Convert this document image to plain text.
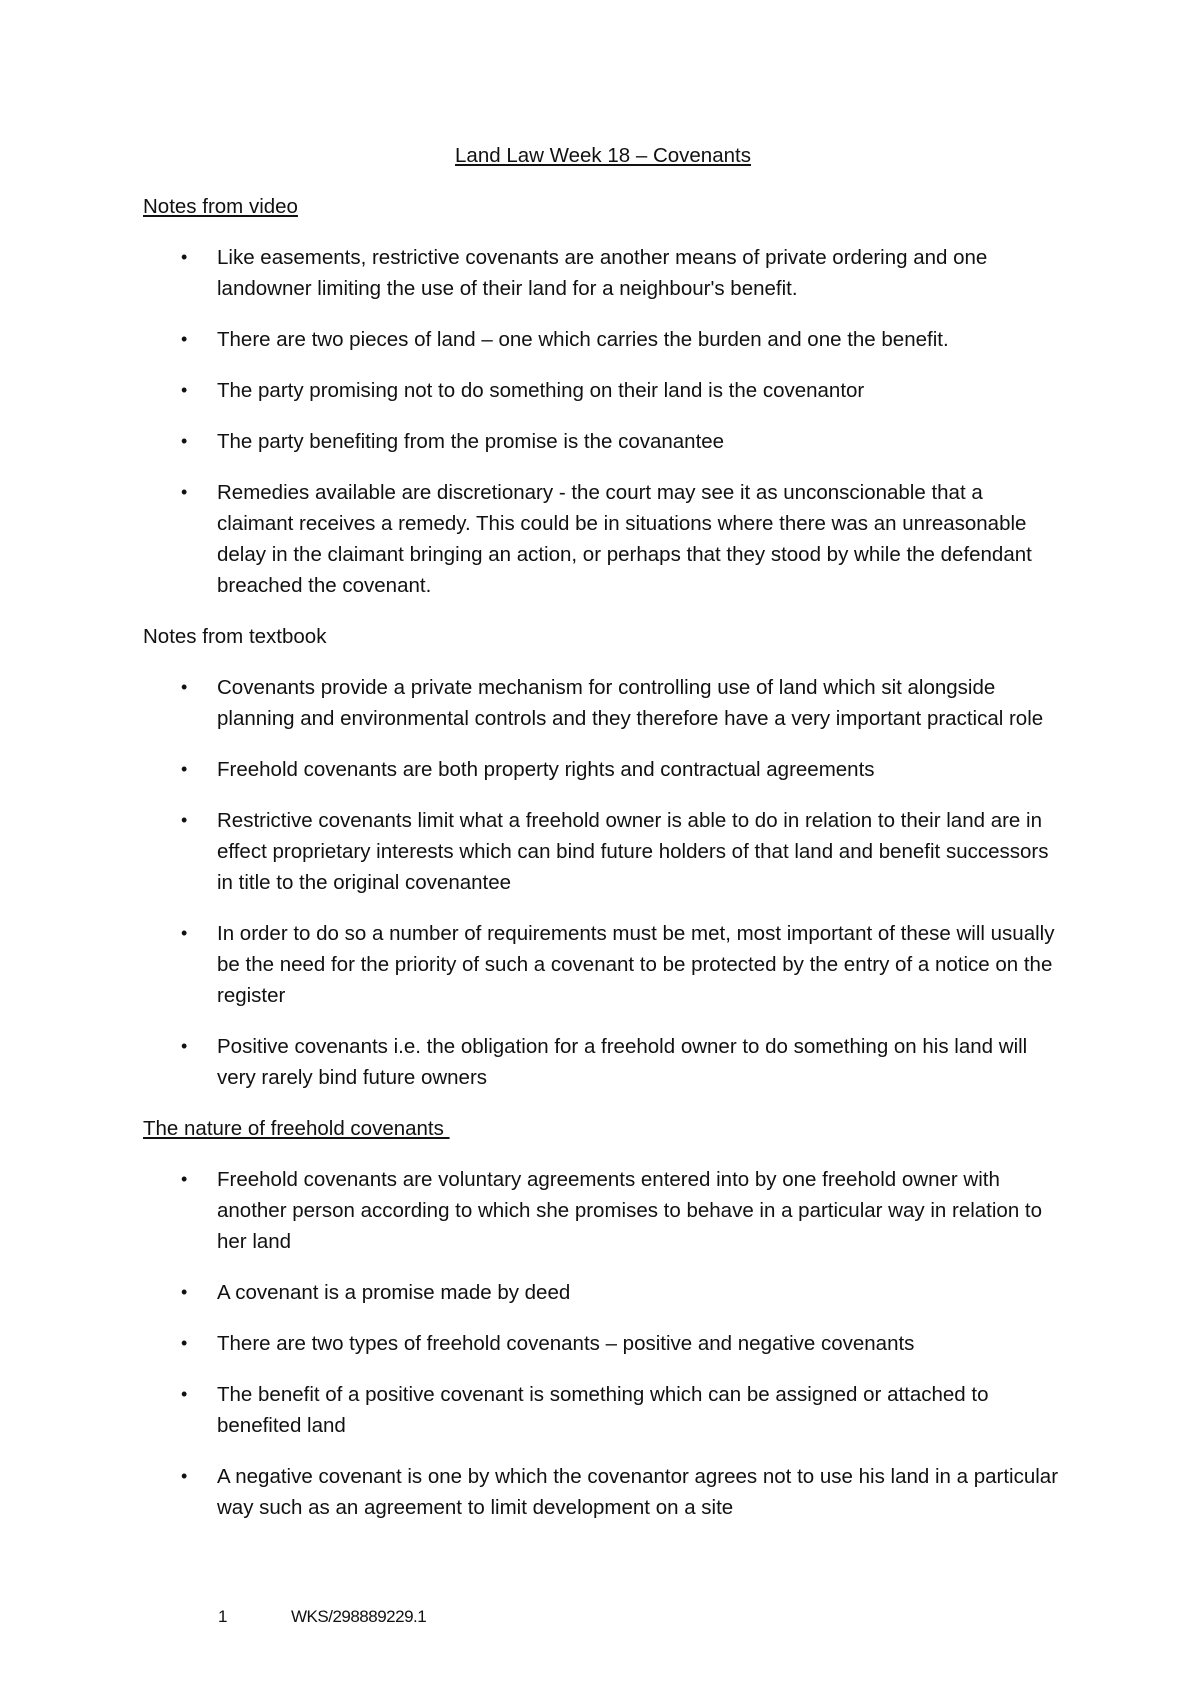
Land Law Week 18 – Covenants
Notes from video
• Like easements, restrictive covenants are another means of private ordering and one landowner limiting the use of their land for a neighbour's benefit.
• There are two pieces of land – one which carries the burden and one the benefit.
• The party promising not to do something on their land is the covenantor
• The party benefiting from the promise is the covanantee
• Remedies available are discretionary - the court may see it as unconscionable that a claimant receives a remedy. This could be in situations where there was an unreasonable delay in the claimant bringing an action, or perhaps that they stood by while the defendant breached the covenant.
Notes from textbook
• Covenants provide a private mechanism for controlling use of land which sit alongside planning and environmental controls and they therefore have a very important practical role
• Freehold covenants are both property rights and contractual agreements
• Restrictive covenants limit what a freehold owner is able to do in relation to their land are in effect proprietary interests which can bind future holders of that land and benefit successors in title to the original covenantee
• In order to do so a number of requirements must be met, most important of these will usually be the need for the priority of such a covenant to be protected by the entry of a notice on the register
• Positive covenants i.e. the obligation for a freehold owner to do something on his land will very rarely bind future owners
The nature of freehold covenants
• Freehold covenants are voluntary agreements entered into by one freehold owner with another person according to which she promises to behave in a particular way in relation to her land
• A covenant is a promise made by deed
• There are two types of freehold covenants – positive and negative covenants
• The benefit of a positive covenant is something which can be assigned or attached to benefited land
• A negative covenant is one by which the covenantor agrees not to use his land in a particular way such as an agreement to limit development on a site
1	WKS/298889229.1
